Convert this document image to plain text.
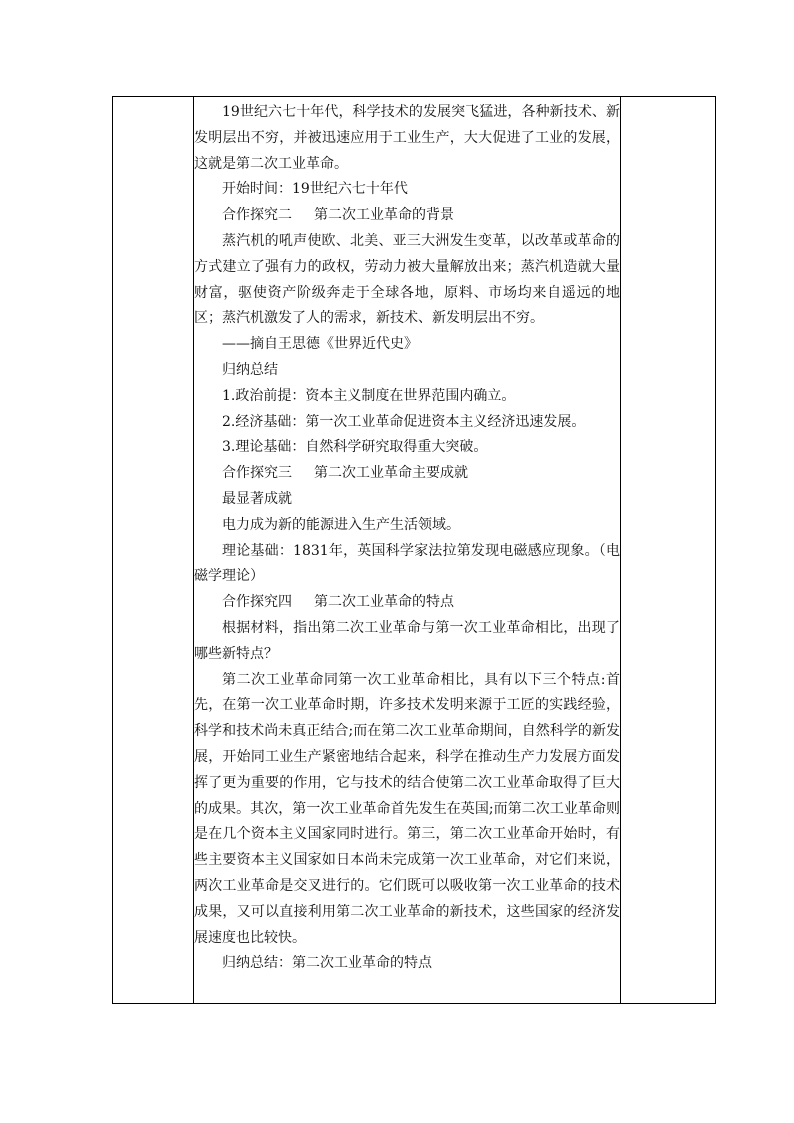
19世纪六七十年代，科学技术的发展突飞猛进，各种新技术、新发明层出不穷，并被迅速应用于工业生产，大大促进了工业的发展，这就是第二次工业革命。

开始时间：19世纪六七十年代
合作探究二 第二次工业革命的背景

蒸汽机的吼声使欧、北美、亚三大洲发生变革，以改革或革命的方式建立了强有力的政权，劳动力被大量解放出来；蒸汽机造就大量财富，驱使资产阶级奔走于全球各地，原料、市场均来自遥远的地区；蒸汽机激发了人的需求，新技术、新发明层出不穷。

——摘自王思德《世界近代史》
归纳总结
1.政治前提：资本主义制度在世界范围内确立。
2.经济基础：第一次工业革命促进资本主义经济迅速发展。
3.理论基础：自然科学研究取得重大突破。
合作探究三 第二次工业革命主要成就
最显著成就
电力成为新的能源进入生产生活领域。

理论基础：1831年，英国科学家法拉第发现电磁感应现象。（电磁学理论）

合作探究四 第二次工业革命的特点

根据材料，指出第二次工业革命与第一次工业革命相比，出现了哪些新特点？

第二次工业革命同第一次工业革命相比，具有以下三个特点:首先，在第一次工业革命时期，许多技术发明来源于工匠的实践经验，科学和技术尚未真正结合;而在第二次工业革命期间，自然科学的新发展，开始同工业生产紧密地结合起来，科学在推动生产力发展方面发挥了更为重要的作用，它与技术的结合使第二次工业革命取得了巨大的成果。其次，第一次工业革命首先发生在英国;而第二次工业革命则是在几个资本主义国家同时进行。第三，第二次工业革命开始时，有些主要资本主义国家如日本尚未完成第一次工业革命，对它们来说，两次工业革命是交叉进行的。它们既可以吸收第一次工业革命的技术成果，又可以直接利用第二次工业革命的新技术，这些国家的经济发展速度也比较快。

归纳总结：第二次工业革命的特点
